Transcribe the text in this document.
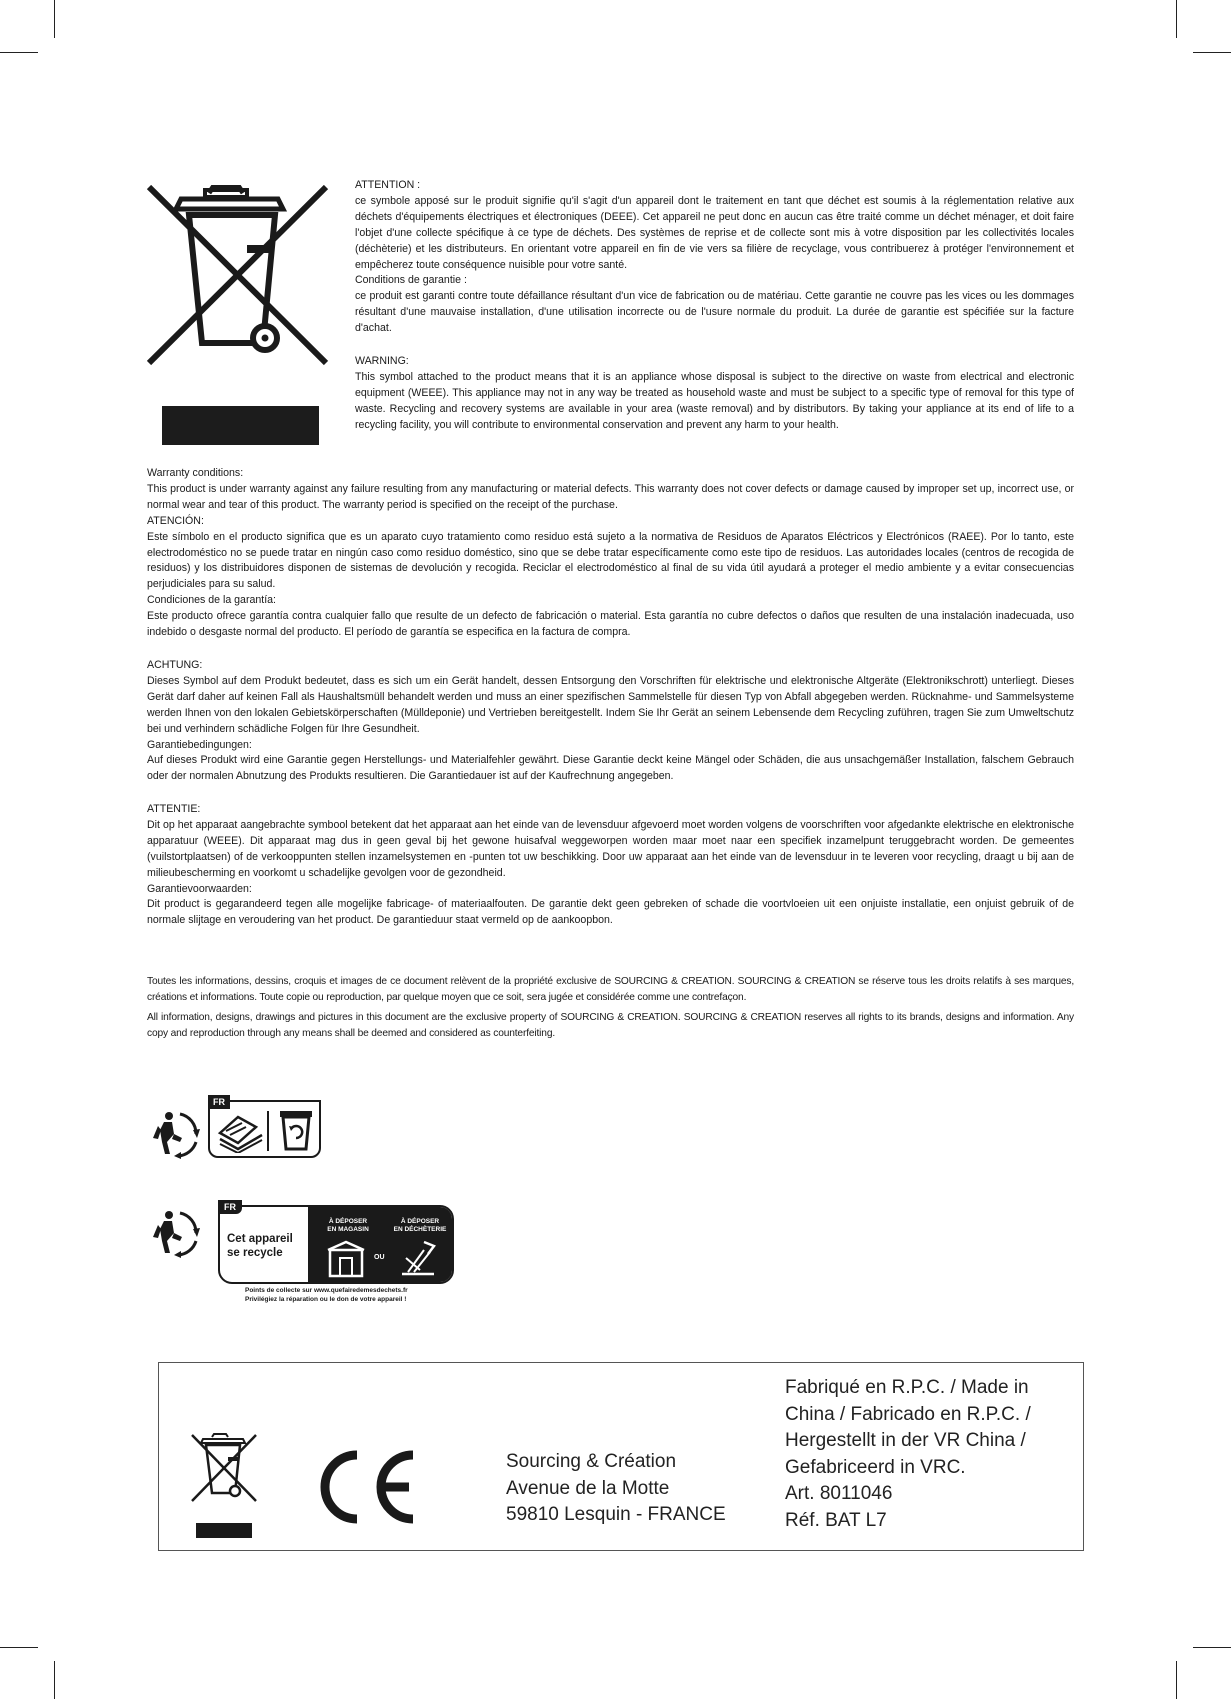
ATTENTION :

ce symbole apposé sur le produit signifie qu'il s'agit d'un appareil dont le traitement en tant que déchet est soumis à la réglementation relative aux déchets d'équipements électriques et électroniques (DEEE). Cet appareil ne peut donc en aucun cas être traité comme un déchet ménager, et doit faire l'objet d'une collecte spécifique à ce type de déchets. Des systèmes de reprise et de collecte sont mis à votre disposition par les collectivités locales (déchèterie) et les distributeurs. En orientant votre appareil en fin de vie vers sa filière de recyclage, vous contribuerez à protéger l'environnement et empêcherez toute conséquence nuisible pour votre santé.

Conditions de garantie :

ce produit est garanti contre toute défaillance résultant d'un vice de fabrication ou de matériau. Cette garantie ne couvre pas les vices ou les dommages résultant d'une mauvaise installation, d'une utilisation incorrecte ou de l'usure normale du produit. La durée de garantie est spécifiée sur la facture d'achat.

WARNING:

This symbol attached to the product means that it is an appliance whose disposal is subject to the directive on waste from electrical and electronic equipment (WEEE). This appliance may not in any way be treated as household waste and must be subject to a specific type of removal for this type of waste. Recycling and recovery systems are available in your area (waste removal) and by distributors. By taking your appliance at its end of life to a recycling facility, you will contribute to environmental conservation and prevent any harm to your health.

Warranty conditions:

This product is under warranty against any failure resulting from any manufacturing or material defects. This warranty does not cover defects or damage caused by improper set up, incorrect use, or normal wear and tear of this product. The warranty period is specified on the receipt of the purchase.

ATENCIÓN:

Este símbolo en el producto significa que es un aparato cuyo tratamiento como residuo está sujeto a la normativa de Residuos de Aparatos Eléctricos y Electrónicos (RAEE). Por lo tanto, este electrodoméstico no se puede tratar en ningún caso como residuo doméstico, sino que se debe tratar específicamente como este tipo de residuos. Las autoridades locales (centros de recogida de residuos) y los distribuidores disponen de sistemas de devolución y recogida. Reciclar el electrodoméstico al final de su vida útil ayudará a proteger el medio ambiente y a evitar consecuencias perjudiciales para su salud.

Condiciones de la garantía:

Este producto ofrece garantía contra cualquier fallo que resulte de un defecto de fabricación o material. Esta garantía no cubre defectos o daños que resulten de una instalación inadecuada, uso indebido o desgaste normal del producto. El período de garantía se especifica en la factura de compra.

ACHTUNG:

Dieses Symbol auf dem Produkt bedeutet, dass es sich um ein Gerät handelt, dessen Entsorgung den Vorschriften für elektrische und elektronische Altgeräte (Elektronikschrott) unterliegt. Dieses Gerät darf daher auf keinen Fall als Haushaltsmüll behandelt werden und muss an einer spezifischen Sammelstelle für diesen Typ von Abfall abgegeben werden. Rücknahme- und Sammelsysteme werden Ihnen von den lokalen Gebietskörperschaften (Mülldeponie) und Vertrieben bereitgestellt. Indem Sie Ihr Gerät an seinem Lebensende dem Recycling zuführen, tragen Sie zum Umweltschutz bei und verhindern schädliche Folgen für Ihre Gesundheit.

Garantiebedingungen:

Auf dieses Produkt wird eine Garantie gegen Herstellungs- und Materialfehler gewährt. Diese Garantie deckt keine Mängel oder Schäden, die aus unsachgemäßer Installation, falschem Gebrauch oder der normalen Abnutzung des Produkts resultieren. Die Garantiedauer ist auf der Kaufrechnung angegeben.

ATTENTIE:

Dit op het apparaat aangebrachte symbool betekent dat het apparaat aan het einde van de levensduur afgevoerd moet worden volgens de voorschriften voor afgedankte elektrische en elektronische apparatuur (WEEE). Dit apparaat mag dus in geen geval bij het gewone huisafval weggeworpen worden maar moet naar een specifiek inzamelpunt teruggebracht worden. De gemeentes (vuilstortplaatsen) of de verkooppunten stellen inzamelsystemen en -punten tot uw beschikking. Door uw apparaat aan het einde van de levensduur in te leveren voor recycling, draagt u bij aan de milieubescherming en voorkomt u schadelijke gevolgen voor de gezondheid.

Garantievoorwaarden:

Dit product is gegarandeerd tegen alle mogelijke fabricage- of materiaalfouten. De garantie dekt geen gebreken of schade die voortvloeien uit een onjuiste installatie, een onjuist gebruik of de normale slijtage en veroudering van het product. De garantieduur staat vermeld op de aankoopbon.

Toutes les informations, dessins, croquis et images de ce document relèvent de la propriété exclusive de SOURCING & CREATION. SOURCING & CREATION se réserve tous les droits relatifs à ses marques, créations et informations. Toute copie ou reproduction, par quelque moyen que ce soit, sera jugée et considérée comme une contrefaçon.

All information, designs, drawings and pictures in this document are the exclusive property of SOURCING & CREATION. SOURCING & CREATION reserves all rights to its brands, designs and information. Any copy and reproduction through any means shall be deemed and considered as counterfeiting.

FR
FR
Cet appareil
se recycle
À DÉPOSER
EN MAGASIN
À DÉPOSER
EN DÉCHÈTERIE
OU
Points de collecte sur www.quefairedemesdechets.fr
Privilégiez la réparation ou le don de votre appareil !
Sourcing & Création
Avenue de la Motte
59810 Lesquin - FRANCE
Fabriqué en R.P.C. / Made in
China / Fabricado en R.P.C. /
Hergestellt in der VR China /
Gefabriceerd in VRC.
Art. 8011046
Réf. BAT L7
